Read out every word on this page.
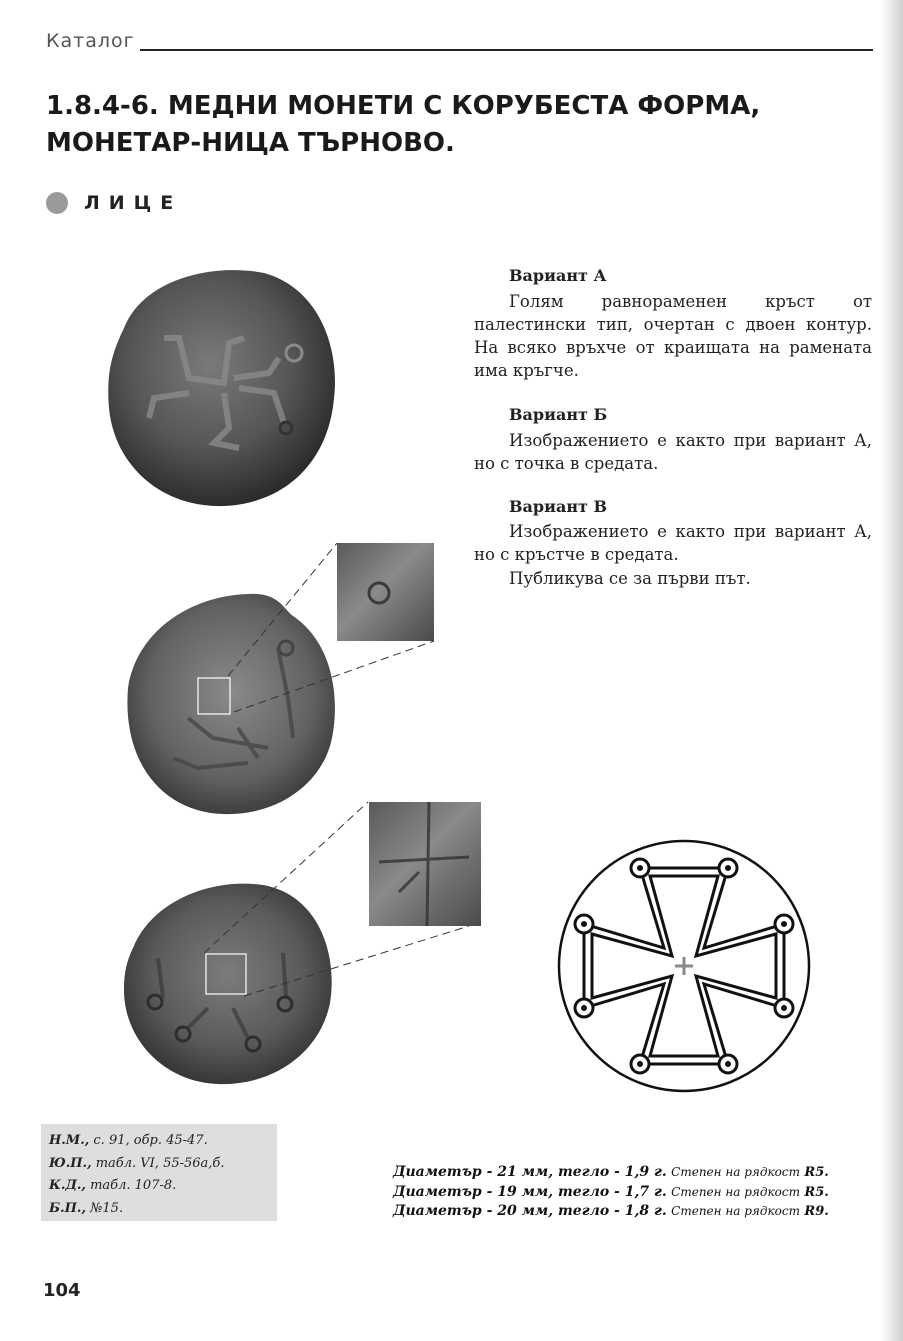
Каталог
1.8.4-6. МЕДНИ МОНЕТИ С КОРУБЕСТА ФОРМА, МОНЕТАР-НИЦА ТЪРНОВО.
ЛИЦЕ
Вариант А

Голям равнораменен кръст от палестински тип, очертан с двоен контур. На всяко връхче от краищата на рамената има кръгче.

Вариант Б

Изображението е както при вариант А, но с точка в средата.

Вариант В

Изображението е както при вариант А, но с кръстче в средата.

Публикува се за първи път.

Н.М., с. 91, обр. 45-47.
Ю.П., табл. VI, 55-56а,б.
К.Д., табл. 107-8.
Б.П., №15.
Диаметър - 21 мм, тегло - 1,9 г. Степен на рядкост R5.
Диаметър - 19 мм, тегло - 1,7 г. Степен на рядкост R5.
Диаметър - 20 мм, тегло - 1,8 г. Степен на рядкост R9.
104
